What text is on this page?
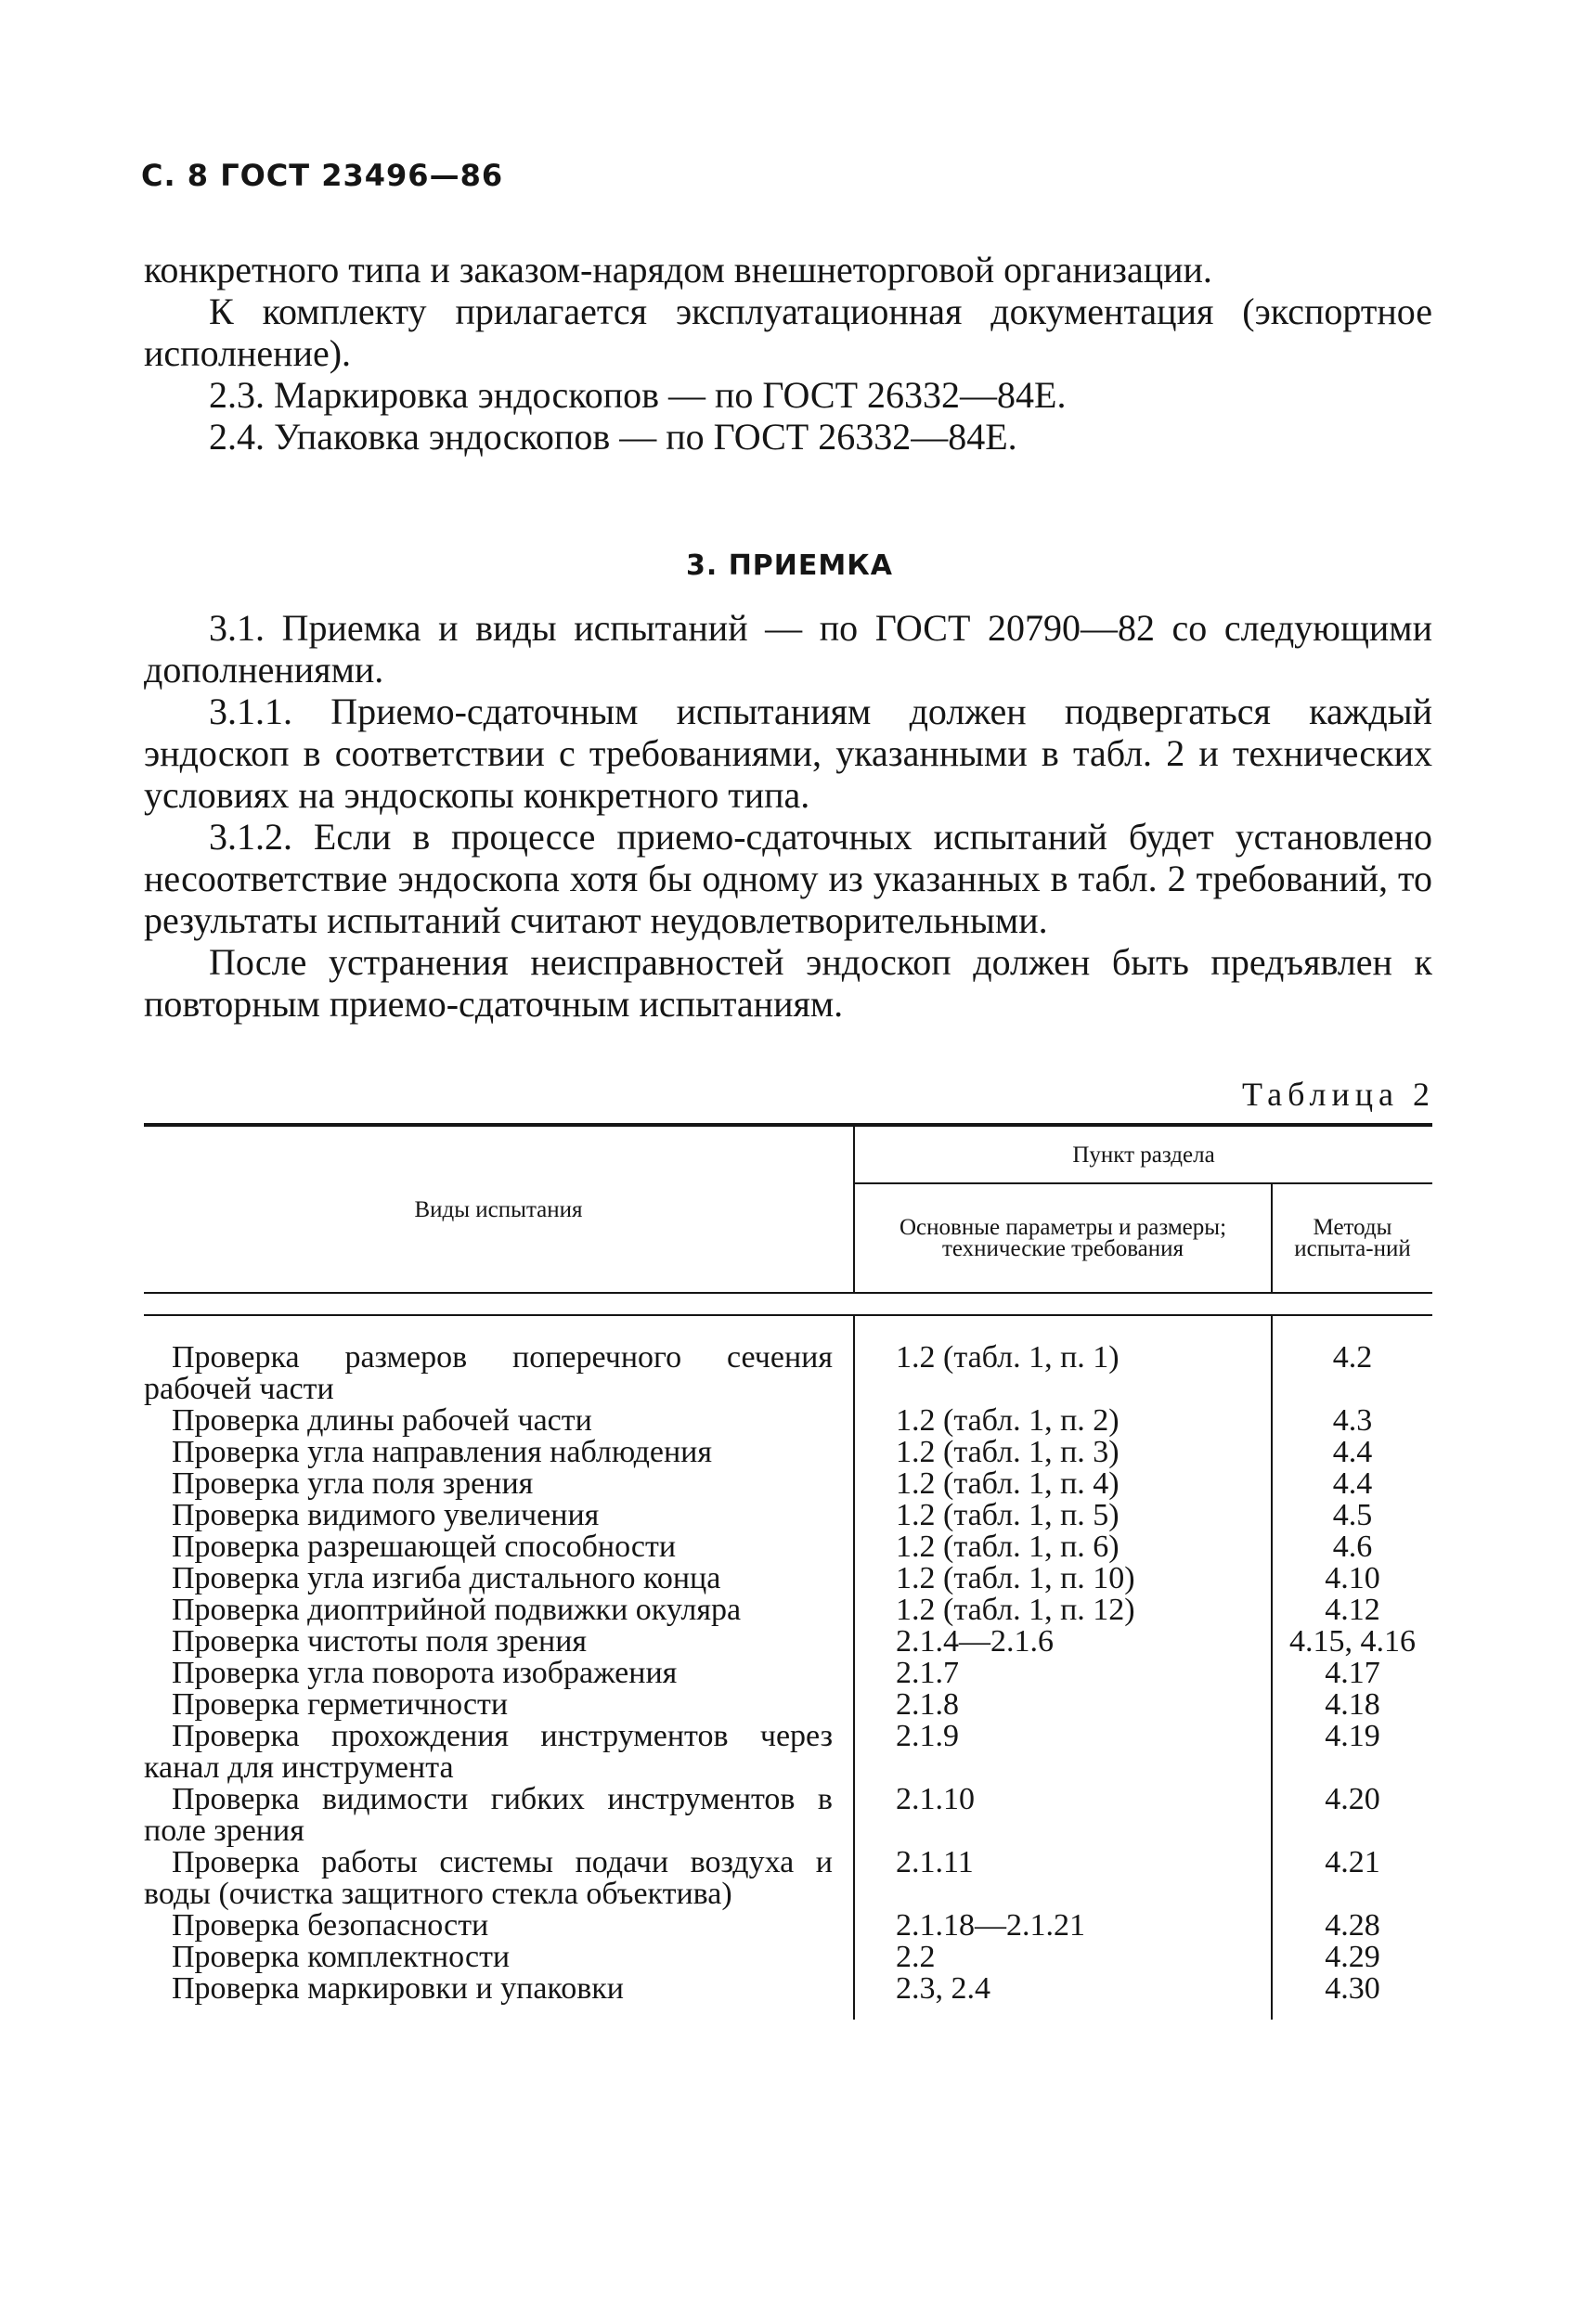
С. 8 ГОСТ 23496—86

конкретного типа и заказом-нарядом внешнеторговой организации.

К комплекту прилагается эксплуатационная документация (экспортное исполнение).

2.3. Маркировка эндоскопов — по ГОСТ 26332—84Е.

2.4. Упаковка эндоскопов — по ГОСТ 26332—84Е.

3. ПРИЕМКА

3.1. Приемка и виды испытаний — по ГОСТ 20790—82 со следующими дополнениями.

3.1.1. Приемо-сдаточным испытаниям должен подвергаться каждый эндоскоп в соответствии с требованиями, указанными в табл. 2 и технических условиях на эндоскопы конкретного типа.

3.1.2. Если в процессе приемо-сдаточных испытаний будет установлено несоответствие эндоскопа хотя бы одному из указанных в табл. 2 требований, то результаты испытаний считают неудовлетворительными.

После устранения неисправностей эндоскоп должен быть предъявлен к повторным приемо-сдаточным испытаниям.

Таблица 2
Виды испытания	Пункт раздела	
	Основные параметры и размеры; технические требования	Методы испыта-ний

Проверка размеров поперечного сечения рабочей части	1.2 (табл. 1, п. 1)	4.2

Проверка длины рабочей части	1.2 (табл. 1, п. 2)	4.3

Проверка угла направления наблюдения	1.2 (табл. 1, п. 3)	4.4

Проверка угла поля зрения	1.2 (табл. 1, п. 4)	4.4

Проверка видимого увеличения	1.2 (табл. 1, п. 5)	4.5

Проверка разрешающей способности	1.2 (табл. 1, п. 6)	4.6

Проверка угла изгиба дистального конца	1.2 (табл. 1, п. 10)	4.10

Проверка диоптрийной подвижки окуляра	1.2 (табл. 1, п. 12)	4.12

Проверка чистоты поля зрения	2.1.4—2.1.6	4.15, 4.16

Проверка угла поворота изображения	2.1.7	4.17

Проверка герметичности	2.1.8	4.18

Проверка прохождения инструментов через канал для инструмента	2.1.9	4.19

Проверка видимости гибких инструментов в поле зрения	2.1.10	4.20

Проверка работы системы подачи воздуха и воды (очистка защитного стекла объектива)	2.1.11	4.21

Проверка безопасности	2.1.18—2.1.21	4.28

Проверка комплектности	2.2	4.29

Проверка маркировки и упаковки	2.3, 2.4	4.30
